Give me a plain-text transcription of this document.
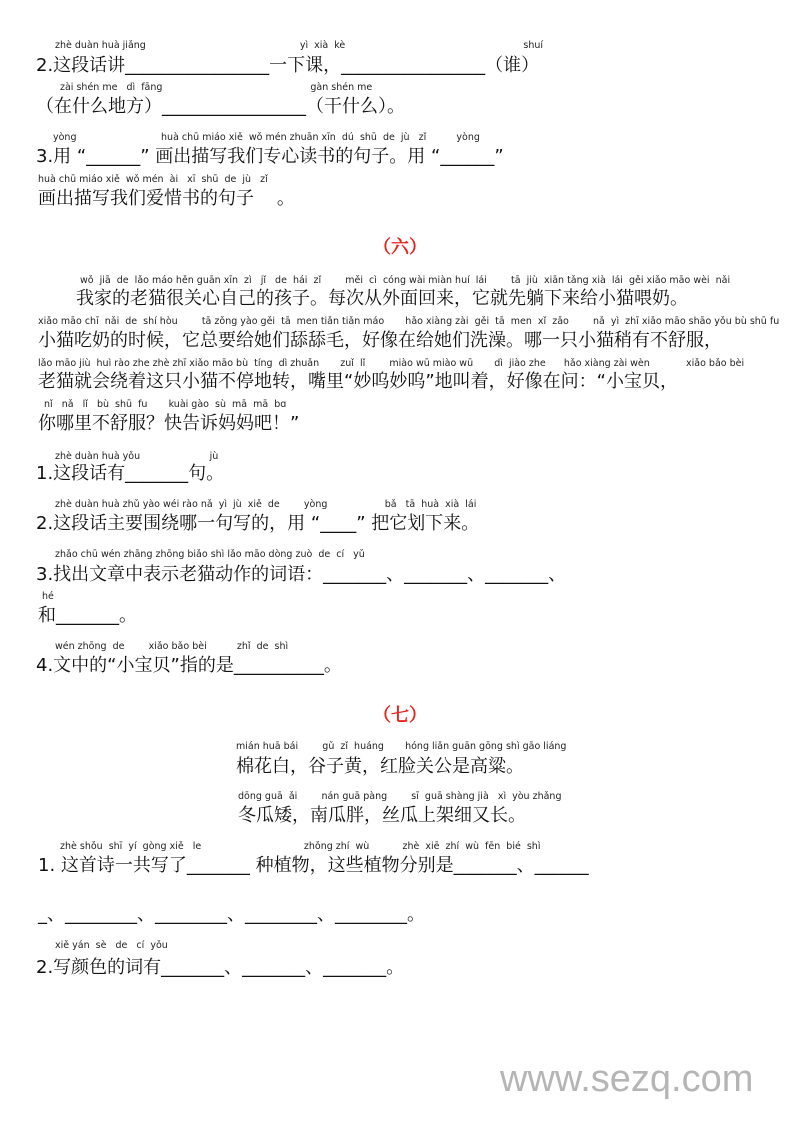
zhè duàn huà jiǎng                                                   yì  xià  kè                                                           shuí
2.这段话讲________________一下课，________________（谁）
zài shén me   dì  fāng                                                 gàn shén me
（在什么地方）________________（干什么）。
yòng                            huà chū miáo xiě  wǒ mén zhuān xīn  dú  shū  de  jù   zǐ          yòng
3.用 “______” 画出描写我们专心读书的句子。用 “______”
huà chū miáo xiě  wǒ mén  ài   xī  shū  de  jù   zǐ
画出描写我们爱惜书的句子    。
（六）
wǒ  jiā  de  lǎo máo hěn guān xīn  zì   jǐ   de  hái  zǐ        měi  cì  cóng wài miàn huí  lái        tā  jiù  xiān tǎng xià  lái  gěi xiǎo māo wèi  nǎi
我家的老猫很关心自己的孩子。每次从外面回来，它就先躺下来给小猫喂奶。
xiǎo māo chī  nǎi  de  shí hòu        tā zǒng yào gěi  tā  men tiǎn tiǎn máo       hǎo xiàng zài  gěi  tā  men  xǐ  zǎo        nǎ  yì  zhī xiǎo māo shāo yǒu bù shū fu
小猫吃奶的时候，它总要给她们舔舔毛，好像在给她们洗澡。哪一只小猫稍有不舒服，
lǎo māo jiù  huì rào zhe zhè zhī xiǎo māo bù  tíng  dì zhuǎn       zuǐ  lǐ        miào wū miào wū       dì  jiào zhe      hǎo xiàng zài wèn            xiǎo bǎo bèi
老猫就会绕着这只小猫不停地转，嘴里“妙呜妙呜”地叫着，好像在问：“小宝贝，
nǐ   nǎ   lǐ   bù  shū  fu       kuài gào  sù  mā  mā  bɑ
你哪里不舒服？快告诉妈妈吧！”
zhè duàn huà yǒu                       jù
1.这段话有_______句。
zhè duàn huà zhǔ yào wéi rào nǎ  yì  jù  xiě  de        yòng                   bǎ   tā  huà  xià  lái
2.这段话主要围绕哪一句写的，用 “____” 把它划下来。
zhǎo chū wén zhāng zhōng biǎo shì lǎo māo dòng zuò  de  cí   yǔ
3.找出文章中表示老猫动作的词语：_______、_______、_______、
hé
和_______。
wén zhōng  de        xiǎo bǎo bèi          zhǐ  de  shì
4.文中的“小宝贝”指的是__________。
（七）
mián huā bái        gǔ  zǐ  huáng       hóng liǎn guān gōng shì gāo liáng
棉花白，谷子黄，红脸关公是高粱。
dōng guā  ǎi        nán guā pàng        sī  guā shàng jià   xì  yòu zhǎng
冬瓜矮，南瓜胖，丝瓜上架细又长。
zhè shǒu  shī  yí  gòng xiě   le                                  zhǒng zhí  wù           zhè  xiē  zhí  wù  fēn  bié  shì
1. 这首诗一共写了_______ 种植物，这些植物分别是_______、______
_、________、________、________、________。
xiě yán  sè   de   cí  yǒu
2.写颜色的词有_______、_______、_______。
www.sezq.com
